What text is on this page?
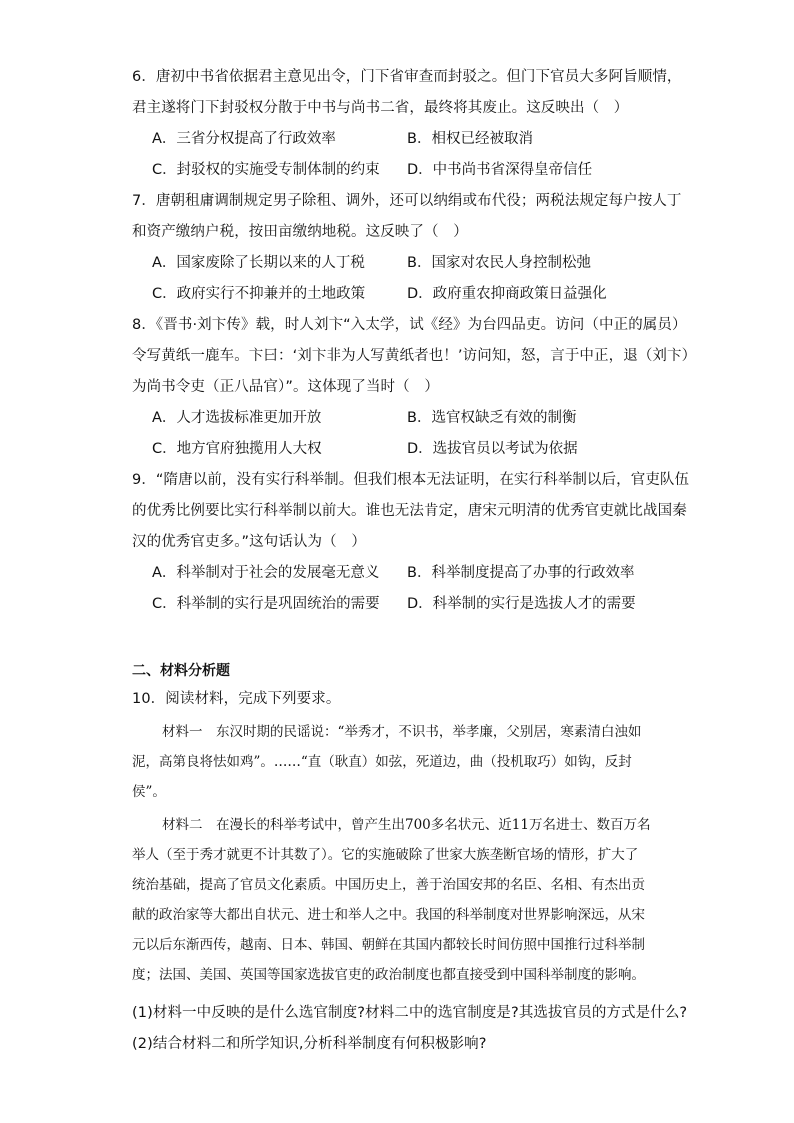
6．唐初中书省依据君主意见出令，门下省审查而封驳之。但门下官员大多阿旨顺情，
君主遂将门下封驳权分散于中书与尚书二省，最终将其废止。这反映出（　）
A．三省分权提高了行政效率	B．相权已经被取消
C．封驳权的实施受专制体制的约束	D．中书尚书省深得皇帝信任
7．唐朝租庸调制规定男子除租、调外，还可以纳绢或布代役；两税法规定每户按人丁
和资产缴纳户税，按田亩缴纳地税。这反映了（　）
A．国家废除了长期以来的人丁税	B．国家对农民人身控制松弛
C．政府实行不抑兼并的土地政策	D．政府重农抑商政策日益强化
8．《晋书·刘卞传》载，时人刘卞“入太学，试《经》为台四品吏。访问（中正的属员）
令写黄纸一鹿车。卞曰：‘刘卞非为人写黄纸者也！’访问知，怒，言于中正，退（刘卞）
为尚书令吏（正八品官）”。这体现了当时（　）
A．人才选拔标准更加开放	B．选官权缺乏有效的制衡
C．地方官府独揽用人大权	D．选拔官员以考试为依据
9．“隋唐以前，没有实行科举制。但我们根本无法证明，在实行科举制以后，官吏队伍
的优秀比例要比实行科举制以前大。谁也无法肯定，唐宋元明清的优秀官吏就比战国秦
汉的优秀官吏多。”这句话认为（　）
A．科举制对于社会的发展毫无意义	B．科举制度提高了办事的行政效率
C．科举制的实行是巩固统治的需要	D．科举制的实行是选拔人才的需要
二、材料分析题
10．阅读材料，完成下列要求。
材料一　东汉时期的民谣说：“举秀才，不识书，举孝廉，父别居，寒素清白浊如
泥，高第良将怯如鸡”。……“直（耿直）如弦，死道边，曲（投机取巧）如钩，反封
侯”。
材料二　在漫长的科举考试中，曾产生出700多名状元、近11万名进士、数百万名
举人（至于秀才就更不计其数了）。它的实施破除了世家大族垄断官场的情形，扩大了
统治基础，提高了官员文化素质。中国历史上，善于治国安邦的名臣、名相、有杰出贡
献的政治家等大都出自状元、进士和举人之中。我国的科举制度对世界影响深远，从宋
元以后东渐西传，越南、日本、韩国、朝鲜在其国内都较长时间仿照中国推行过科举制
度；法国、美国、英国等国家选拔官吏的政治制度也都直接受到中国科举制度的影响。
(1)材料一中反映的是什么选官制度?材料二中的选官制度是?其选拔官员的方式是什么?
(2)结合材料二和所学知识,分析科举制度有何积极影响?
